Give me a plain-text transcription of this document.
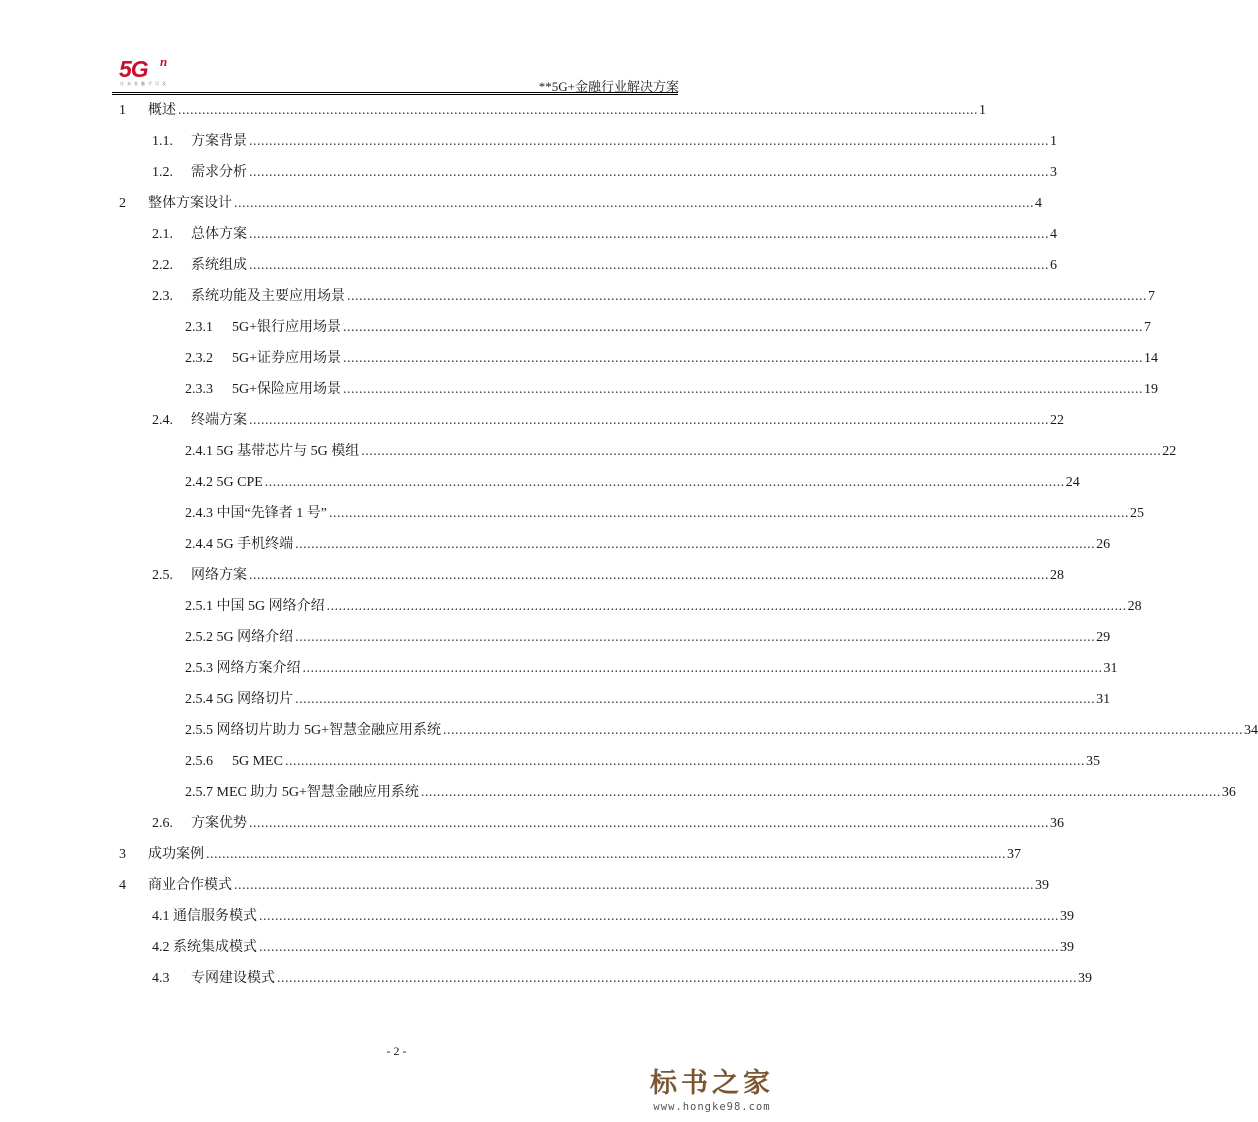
5G n
让 未 来 触 手 可 及	**5G+金融行业解决方案
1 概述 ........................................................................................................................................................................................................ 1
1.1. 方案背景 ........................................................................................................................................................................................................ 1
1.2. 需求分析 ........................................................................................................................................................................................................ 3
2 整体方案设计 ........................................................................................................................................................................................................ 4
2.1. 总体方案 ........................................................................................................................................................................................................ 4
2.2. 系统组成 ........................................................................................................................................................................................................ 6
2.3. 系统功能及主要应用场景 ........................................................................................................................................................................................................ 7
2.3.1 5G+银行应用场景 ........................................................................................................................................................................................................ 7
2.3.2 5G+证券应用场景 ........................................................................................................................................................................................................ 14
2.3.3 5G+保险应用场景 ........................................................................................................................................................................................................ 19
2.4. 终端方案 ........................................................................................................................................................................................................ 22
2.4.1 5G 基带芯片与 5G 模组 ........................................................................................................................................................................................................ 22
2.4.2 5G CPE ........................................................................................................................................................................................................ 24
2.4.3 中国“先锋者 1 号” ........................................................................................................................................................................................................ 25
2.4.4 5G 手机终端 ........................................................................................................................................................................................................ 26
2.5. 网络方案 ........................................................................................................................................................................................................ 28
2.5.1 中国 5G 网络介绍 ........................................................................................................................................................................................................ 28
2.5.2 5G 网络介绍 ........................................................................................................................................................................................................ 29
2.5.3 网络方案介绍 ........................................................................................................................................................................................................ 31
2.5.4 5G 网络切片 ........................................................................................................................................................................................................ 31
2.5.5 网络切片助力 5G+智慧金融应用系统 ........................................................................................................................................................................................................ 34
2.5.6 5G MEC ........................................................................................................................................................................................................ 35
2.5.7 MEC 助力 5G+智慧金融应用系统 ........................................................................................................................................................................................................ 36
2.6. 方案优势 ........................................................................................................................................................................................................ 36
3 成功案例 ........................................................................................................................................................................................................ 37
4 商业合作模式 ........................................................................................................................................................................................................ 39
4.1 通信服务模式 ........................................................................................................................................................................................................ 39
4.2 系统集成模式 ........................................................................................................................................................................................................ 39
4.3 专网建设模式 ........................................................................................................................................................................................................ 39
- 2 -
标书之家
www.hongke98.com
